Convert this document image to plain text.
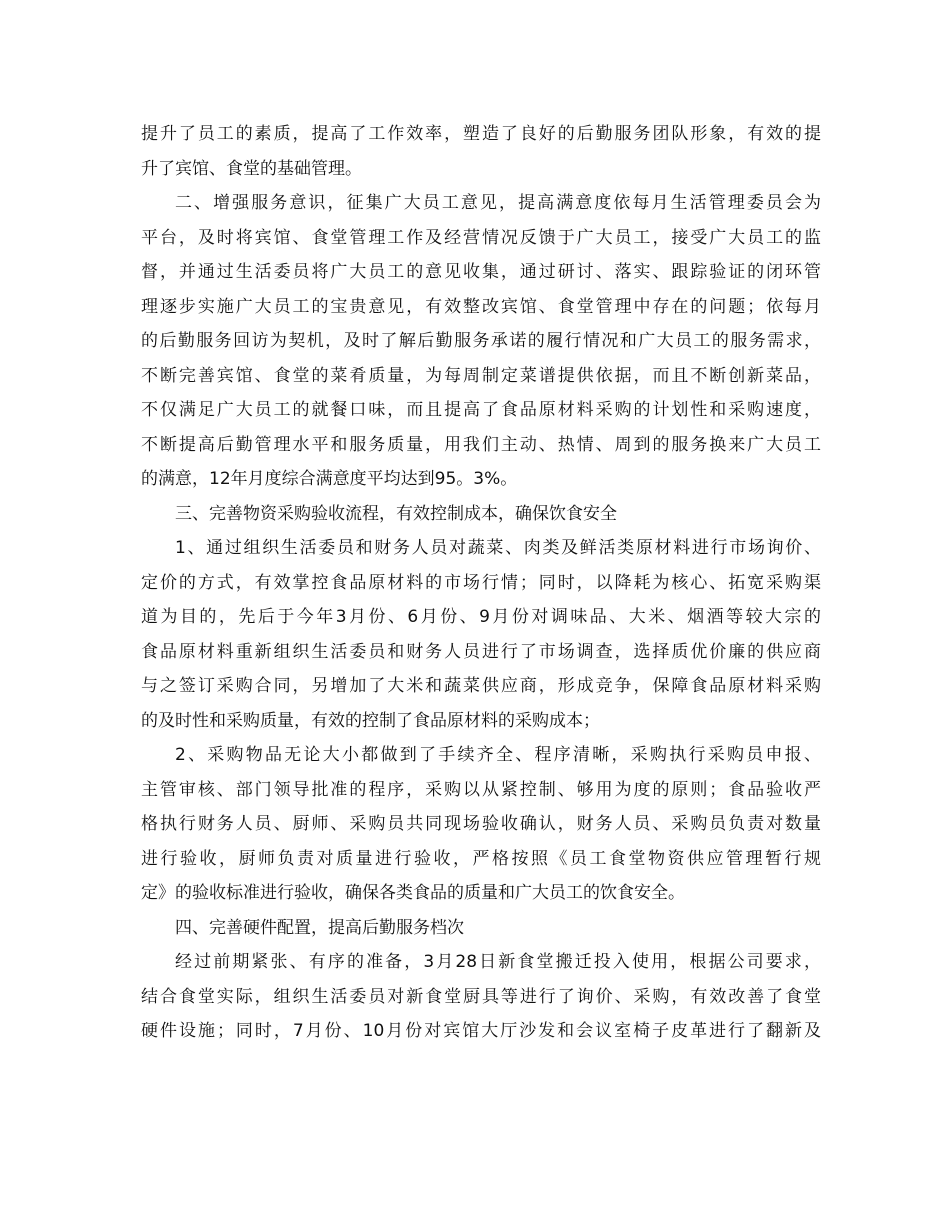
提升了员工的素质，提高了工作效率，塑造了良好的后勤服务团队形象，有效的提
升了宾馆、食堂的基础管理。
二、增强服务意识，征集广大员工意见，提高满意度依每月生活管理委员会为
平台，及时将宾馆、食堂管理工作及经营情况反馈于广大员工，接受广大员工的监
督，并通过生活委员将广大员工的意见收集，通过研讨、落实、跟踪验证的闭环管
理逐步实施广大员工的宝贵意见，有效整改宾馆、食堂管理中存在的问题；依每月
的后勤服务回访为契机，及时了解后勤服务承诺的履行情况和广大员工的服务需求，
不断完善宾馆、食堂的菜肴质量，为每周制定菜谱提供依据，而且不断创新菜品，
不仅满足广大员工的就餐口味，而且提高了食品原材料采购的计划性和采购速度，
不断提高后勤管理水平和服务质量，用我们主动、热情、周到的服务换来广大员工
的满意，12年月度综合满意度平均达到95。3%。
三、完善物资采购验收流程，有效控制成本，确保饮食安全
1、通过组织生活委员和财务人员对蔬菜、肉类及鲜活类原材料进行市场询价、
定价的方式，有效掌控食品原材料的市场行情；同时，以降耗为核心、拓宽采购渠
道为目的，先后于今年3月份、6月份、9月份对调味品、大米、烟酒等较大宗的
食品原材料重新组织生活委员和财务人员进行了市场调查，选择质优价廉的供应商
与之签订采购合同，另增加了大米和蔬菜供应商，形成竞争，保障食品原材料采购
的及时性和采购质量，有效的控制了食品原材料的采购成本；
2、采购物品无论大小都做到了手续齐全、程序清晰，采购执行采购员申报、
主管审核、部门领导批准的程序，采购以从紧控制、够用为度的原则；食品验收严
格执行财务人员、厨师、采购员共同现场验收确认，财务人员、采购员负责对数量
进行验收，厨师负责对质量进行验收，严格按照《员工食堂物资供应管理暂行规
定》的验收标准进行验收，确保各类食品的质量和广大员工的饮食安全。
四、完善硬件配置，提高后勤服务档次
经过前期紧张、有序的准备，3月28日新食堂搬迁投入使用，根据公司要求，
结合食堂实际，组织生活委员对新食堂厨具等进行了询价、采购，有效改善了食堂
硬件设施；同时，7月份、10月份对宾馆大厅沙发和会议室椅子皮革进行了翻新及
